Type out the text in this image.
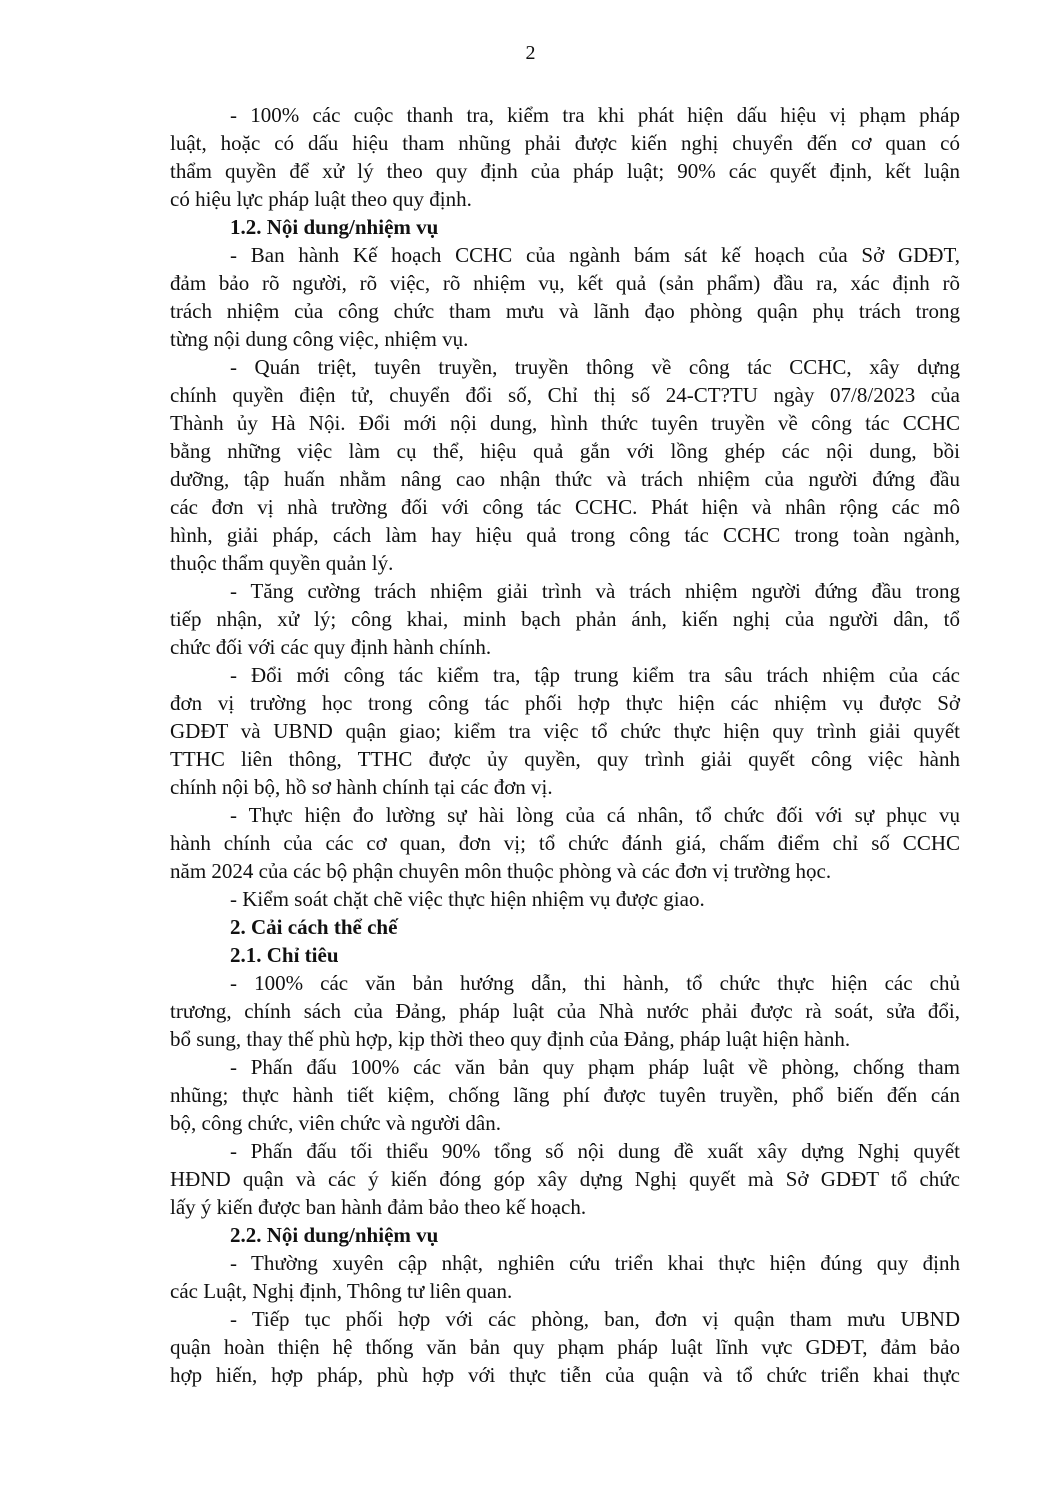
2
- 100% các cuộc thanh tra, kiểm tra khi phát hiện dấu hiệu vị phạm pháp
luật, hoặc có dấu hiệu tham nhũng phải được kiến nghị chuyển đến cơ quan có
thẩm quyền để xử lý theo quy định của pháp luật; 90% các quyết định, kết luận
có hiệu lực pháp luật theo quy định.
1.2. Nội dung/nhiệm vụ
- Ban hành Kế hoạch CCHC của ngành bám sát kế hoạch của Sở GDĐT,
đảm bảo rõ người, rõ việc, rõ nhiệm vụ, kết quả (sản phẩm) đầu ra, xác định rõ
trách nhiệm của công chức tham mưu và lãnh đạo phòng quận phụ trách trong
từng nội dung công việc, nhiệm vụ.
- Quán triệt, tuyên truyền, truyền thông về công tác CCHC, xây dựng
chính quyền điện tử, chuyển đổi số, Chỉ thị số 24-CT?TU ngày 07/8/2023 của
Thành ủy Hà Nội. Đổi mới nội dung, hình thức tuyên truyền về công tác CCHC
bằng những việc làm cụ thể, hiệu quả gắn với lồng ghép các nội dung, bồi
dưỡng, tập huấn nhằm nâng cao nhận thức và trách nhiệm của người đứng đầu
các đơn vị nhà trường đối với công tác CCHC. Phát hiện và nhân rộng các mô
hình, giải pháp, cách làm hay hiệu quả trong công tác CCHC trong toàn ngành,
thuộc thẩm quyền quản lý.
- Tăng cường trách nhiệm giải trình và trách nhiệm người đứng đầu trong
tiếp nhận, xử lý; công khai, minh bạch phản ánh, kiến nghị của người dân, tổ
chức đối với các quy định hành chính.
- Đổi mới công tác kiểm tra, tập trung kiểm tra sâu trách nhiệm của các
đơn vị trường học trong công tác phối hợp thực hiện các nhiệm vụ được Sở
GDĐT và UBND quận giao; kiểm tra việc tổ chức thực hiện quy trình giải quyết
TTHC liên thông, TTHC được ủy quyền, quy trình giải quyết công việc hành
chính nội bộ, hồ sơ hành chính tại các đơn vị.
- Thực hiện đo lường sự hài lòng của cá nhân, tổ chức đối với sự phục vụ
hành chính của các cơ quan, đơn vị; tổ chức đánh giá, chấm điểm chỉ số CCHC
năm 2024 của các bộ phận chuyên môn thuộc phòng và các đơn vị trường học.
- Kiểm soát chặt chẽ việc thực hiện nhiệm vụ được giao.
2. Cải cách thể chế
2.1. Chỉ tiêu
- 100% các văn bản hướng dẫn, thi hành, tổ chức thực hiện các chủ
trương, chính sách của Đảng, pháp luật của Nhà nước phải được rà soát, sửa đổi,
bổ sung, thay thế phù hợp, kịp thời theo quy định của Đảng, pháp luật hiện hành.
- Phấn đấu 100% các văn bản quy phạm pháp luật về phòng, chống tham
nhũng; thực hành tiết kiệm, chống lãng phí được tuyên truyền, phổ biến đến cán
bộ, công chức, viên chức và người dân.
- Phấn đấu tối thiểu 90% tổng số nội dung đề xuất xây dựng Nghị quyết
HĐND quận và các ý kiến đóng góp xây dựng Nghị quyết mà Sở GDĐT tổ chức
lấy ý kiến được ban hành đảm bảo theo kế hoạch.
2.2. Nội dung/nhiệm vụ
- Thường xuyên cập nhật, nghiên cứu triển khai thực hiện đúng quy định
các Luật, Nghị định, Thông tư liên quan.
- Tiếp tục phối hợp với các phòng, ban, đơn vị quận tham mưu UBND
quận hoàn thiện hệ thống văn bản quy phạm pháp luật lĩnh vực GDĐT, đảm bảo
hợp hiến, hợp pháp, phù hợp với thực tiễn của quận và tổ chức triển khai thực
